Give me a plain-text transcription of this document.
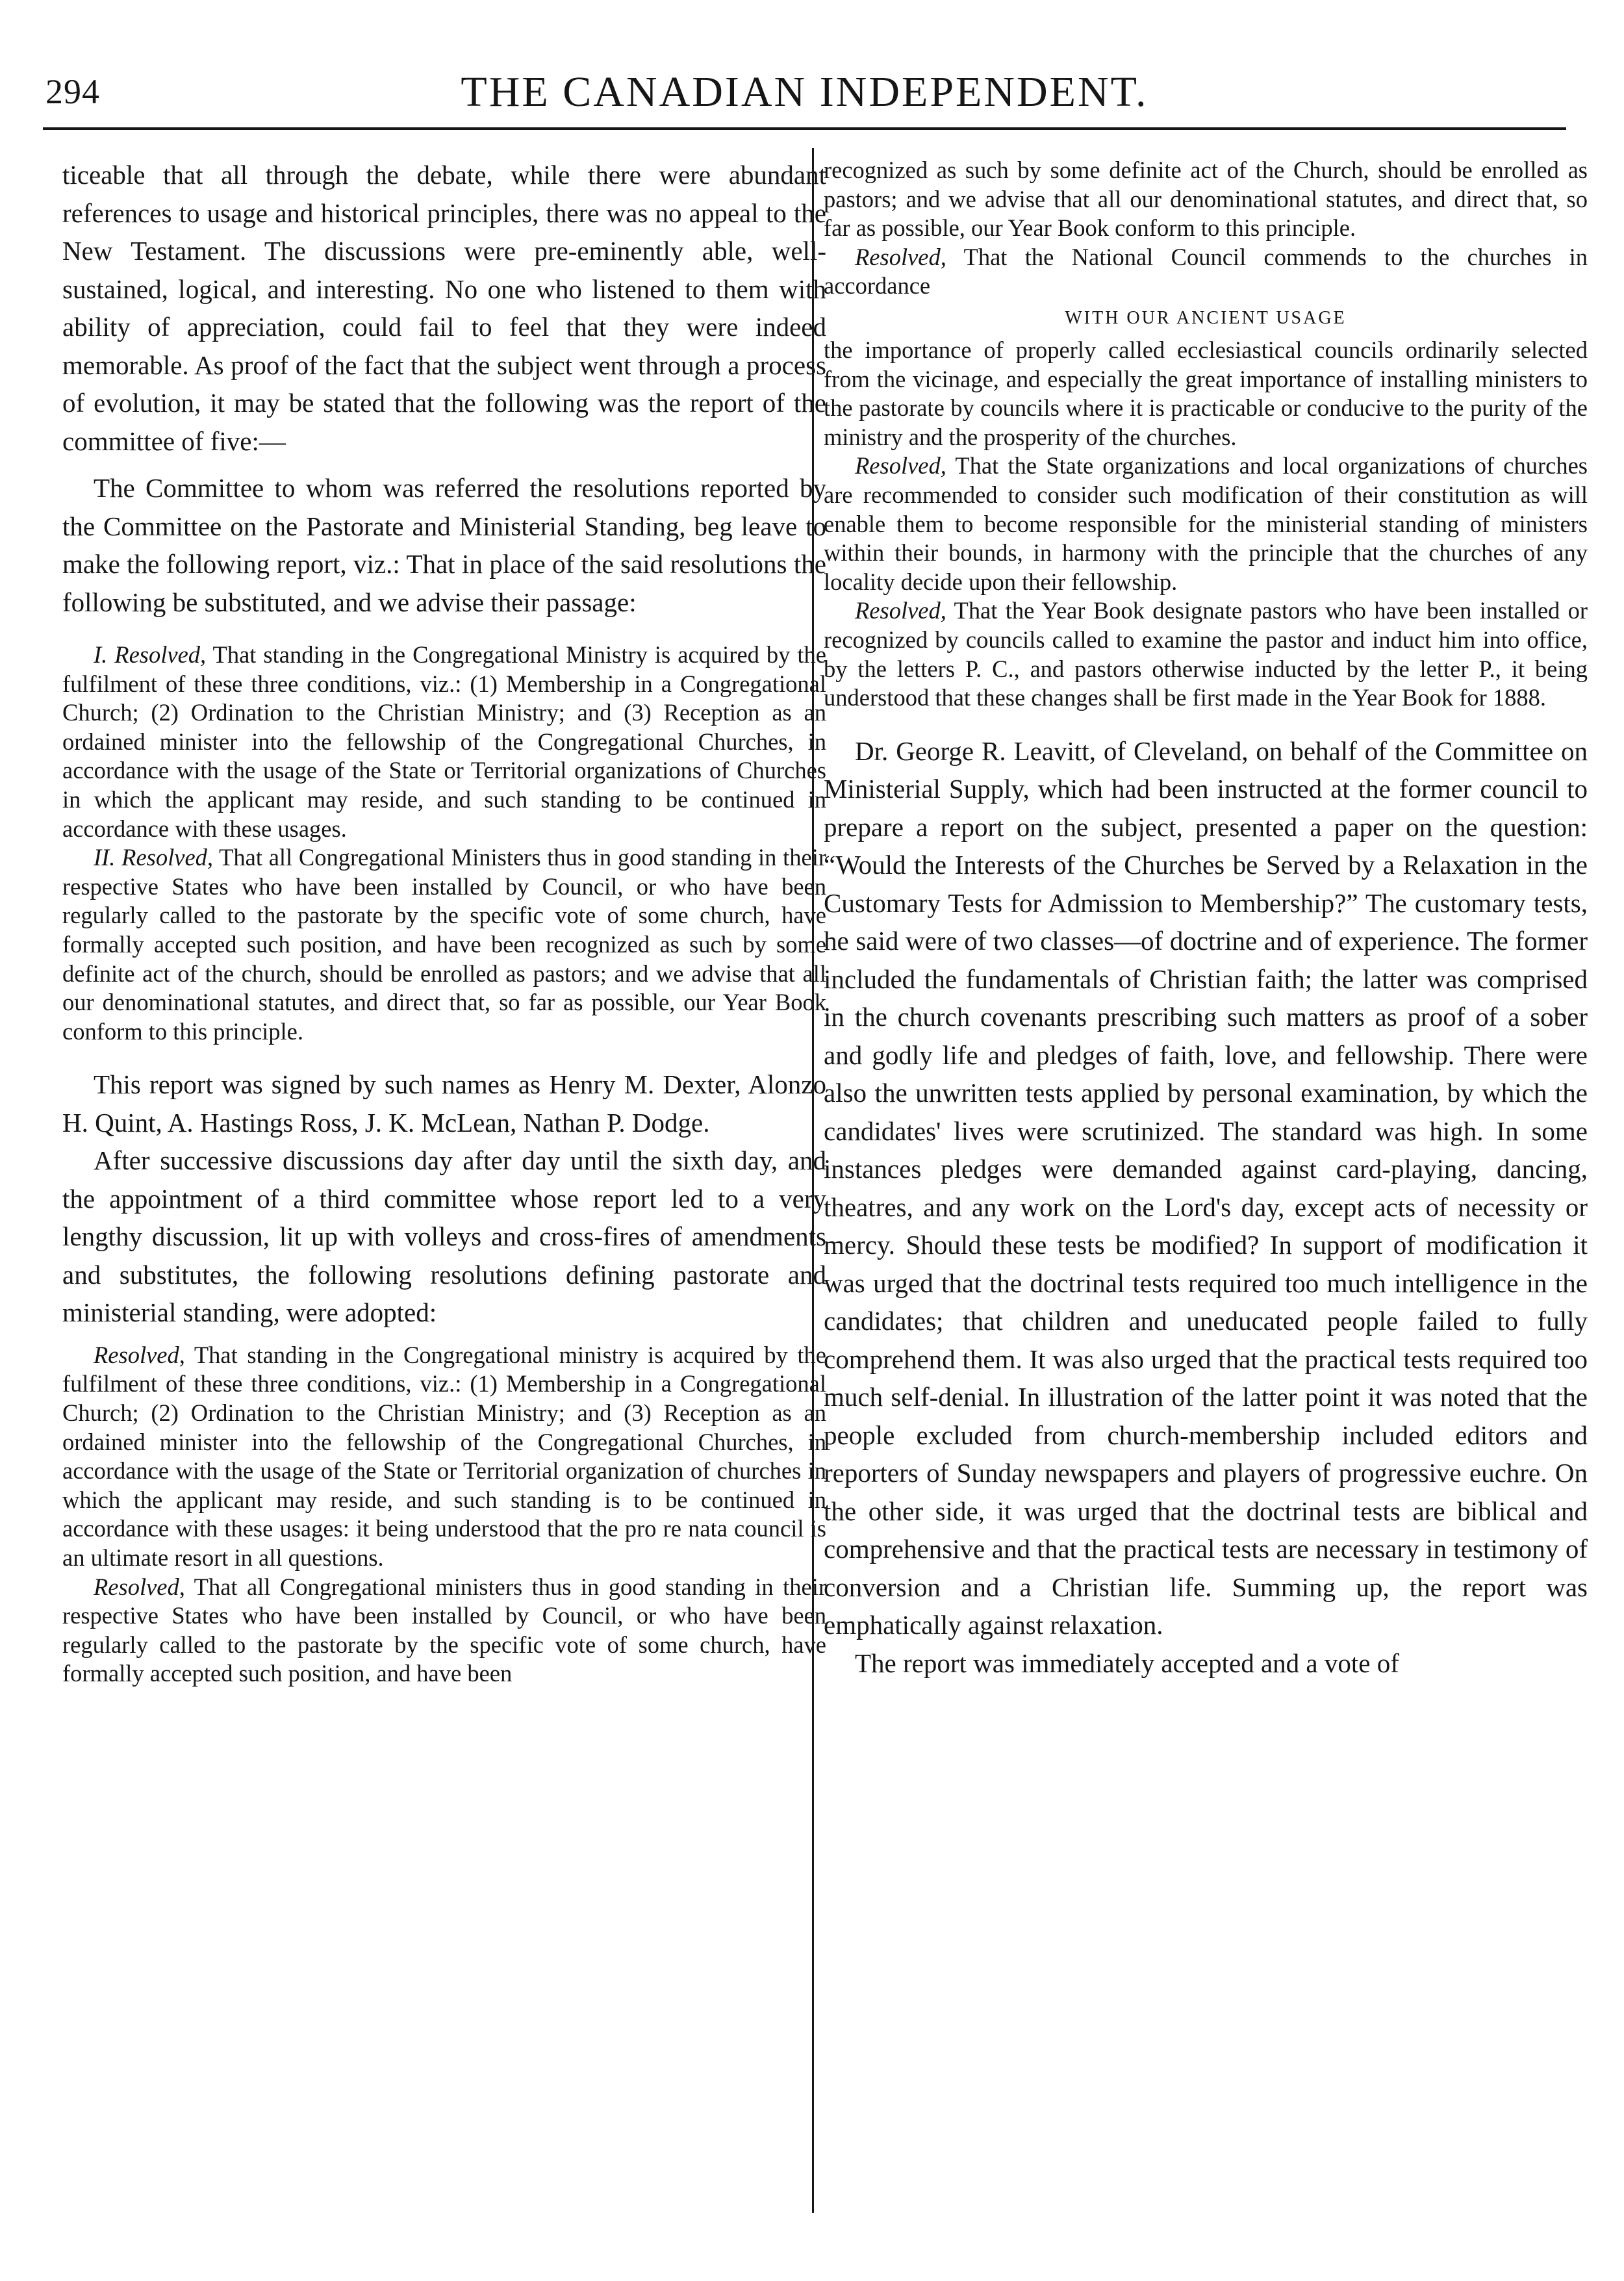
294	THE CANADIAN INDEPENDENT.

ticeable that all through the debate, while there were abundant references to usage and historical principles, there was no appeal to the New Testament. The discussions were pre-eminently able, well-sustained, logical, and interesting. No one who listened to them with ability of appreciation, could fail to feel that they were indeed memorable. As proof of the fact that the subject went through a process of evolution, it may be stated that the following was the report of the committee of five:—

The Committee to whom was referred the resolutions reported by the Committee on the Pastorate and Ministerial Standing, beg leave to make the following report, viz.: That in place of the said resolutions the following be substituted, and we advise their passage:

I. Resolved, That standing in the Congregational Ministry is acquired by the fulfilment of these three conditions, viz.: (1) Membership in a Congregational Church; (2) Ordination to the Christian Ministry; and (3) Reception as an ordained minister into the fellowship of the Congregational Churches, in accordance with the usage of the State or Territorial organizations of Churches in which the applicant may reside, and such standing to be continued in accordance with these usages.

II. Resolved, That all Congregational Ministers thus in good standing in their respective States who have been installed by Council, or who have been regularly called to the pastorate by the specific vote of some church, have formally accepted such position, and have been recognized as such by some definite act of the church, should be enrolled as pastors; and we advise that all our denominational statutes, and direct that, so far as possible, our Year Book conform to this principle.

This report was signed by such names as Henry M. Dexter, Alonzo H. Quint, A. Hastings Ross, J. K. McLean, Nathan P. Dodge.

After successive discussions day after day until the sixth day, and the appointment of a third committee whose report led to a very lengthy discussion, lit up with volleys and cross-fires of amendments and substitutes, the following resolutions defining pastorate and ministerial standing, were adopted:

Resolved, That standing in the Congregational ministry is acquired by the fulfilment of these three conditions, viz.: (1) Membership in a Congregational Church; (2) Ordination to the Christian Ministry; and (3) Reception as an ordained minister into the fellowship of the Congregational Churches, in accordance with the usage of the State or Territorial organization of churches in which the applicant may reside, and such standing is to be continued in accordance with these usages: it being understood that the pro re nata council is an ultimate resort in all questions.

Resolved, That all Congregational ministers thus in good standing in their respective States who have been installed by Council, or who have been regularly called to the pastorate by the specific vote of some church, have formally accepted such position, and have been

recognized as such by some definite act of the Church, should be enrolled as pastors; and we advise that all our denominational statutes, and direct that, so far as possible, our Year Book conform to this principle.

Resolved, That the National Council commends to the churches in accordance

WITH OUR ANCIENT USAGE

the importance of properly called ecclesiastical councils ordinarily selected from the vicinage, and especially the great importance of installing ministers to the pastorate by councils where it is practicable or conducive to the purity of the ministry and the prosperity of the churches.

Resolved, That the State organizations and local organizations of churches are recommended to consider such modification of their constitution as will enable them to become responsible for the ministerial standing of ministers within their bounds, in harmony with the principle that the churches of any locality decide upon their fellowship.

Resolved, That the Year Book designate pastors who have been installed or recognized by councils called to examine the pastor and induct him into office, by the letters P. C., and pastors otherwise inducted by the letter P., it being understood that these changes shall be first made in the Year Book for 1888.

Dr. George R. Leavitt, of Cleveland, on behalf of the Committee on Ministerial Supply, which had been instructed at the former council to prepare a report on the subject, presented a paper on the question: “Would the Interests of the Churches be Served by a Relaxation in the Customary Tests for Admission to Membership?” The customary tests, he said were of two classes—of doctrine and of experience. The former included the fundamentals of Christian faith; the latter was comprised in the church covenants prescribing such matters as proof of a sober and godly life and pledges of faith, love, and fellowship. There were also the unwritten tests applied by personal examination, by which the candidates' lives were scrutinized. The standard was high. In some instances pledges were demanded against card-playing, dancing, theatres, and any work on the Lord's day, except acts of necessity or mercy. Should these tests be modified? In support of modification it was urged that the doctrinal tests required too much intelligence in the candidates; that children and uneducated people failed to fully comprehend them. It was also urged that the practical tests required too much self-denial. In illustration of the latter point it was noted that the people excluded from church-membership included editors and reporters of Sunday newspapers and players of progressive euchre. On the other side, it was urged that the doctrinal tests are biblical and comprehensive and that the practical tests are necessary in testimony of conversion and a Christian life. Summing up, the report was emphatically against relaxation.

The report was immediately accepted and a vote of
